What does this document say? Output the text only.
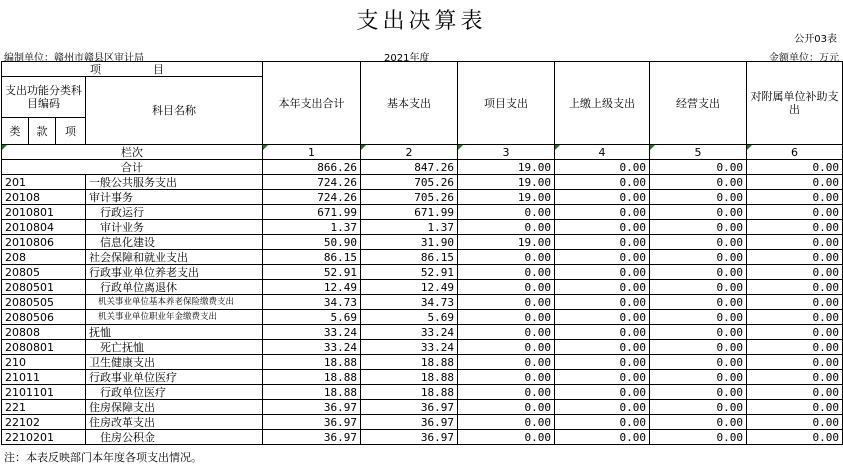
支出决算表
公开03表
编制单位：赣州市赣县区审计局	2021年度	金额单位：万元
项　　目				本年支出合计	基本支出	项目支出	上缴上级支出	经营支出	对附属单位补助支出
支出功能分类科目编码			科目名称						
类	款	项							
栏次				1	2	3	4	5	6
合计				866.26	847.26	19.00	0.00	0.00	0.00
201			一般公共服务支出	724.26	705.26	19.00	0.00	0.00	0.00
20108			审计事务	724.26	705.26	19.00	0.00	0.00	0.00
2010801			行政运行	671.99	671.99	0.00	0.00	0.00	0.00
2010804			审计业务	1.37	1.37	0.00	0.00	0.00	0.00
2010806			信息化建设	50.90	31.90	19.00	0.00	0.00	0.00
208			社会保障和就业支出	86.15	86.15	0.00	0.00	0.00	0.00
20805			行政事业单位养老支出	52.91	52.91	0.00	0.00	0.00	0.00
2080501			行政单位离退休	12.49	12.49	0.00	0.00	0.00	0.00
2080505			机关事业单位基本养老保险缴费支出	34.73	34.73	0.00	0.00	0.00	0.00
2080506			机关事业单位职业年金缴费支出	5.69	5.69	0.00	0.00	0.00	0.00
20808			抚恤	33.24	33.24	0.00	0.00	0.00	0.00
2080801			死亡抚恤	33.24	33.24	0.00	0.00	0.00	0.00
210			卫生健康支出	18.88	18.88	0.00	0.00	0.00	0.00
21011			行政事业单位医疗	18.88	18.88	0.00	0.00	0.00	0.00
2101101			行政单位医疗	18.88	18.88	0.00	0.00	0.00	0.00
221			住房保障支出	36.97	36.97	0.00	0.00	0.00	0.00
22102			住房改革支出	36.97	36.97	0.00	0.00	0.00	0.00
2210201			住房公积金	36.97	36.97	0.00	0.00	0.00	0.00
注：本表反映部门本年度各项支出情况。
